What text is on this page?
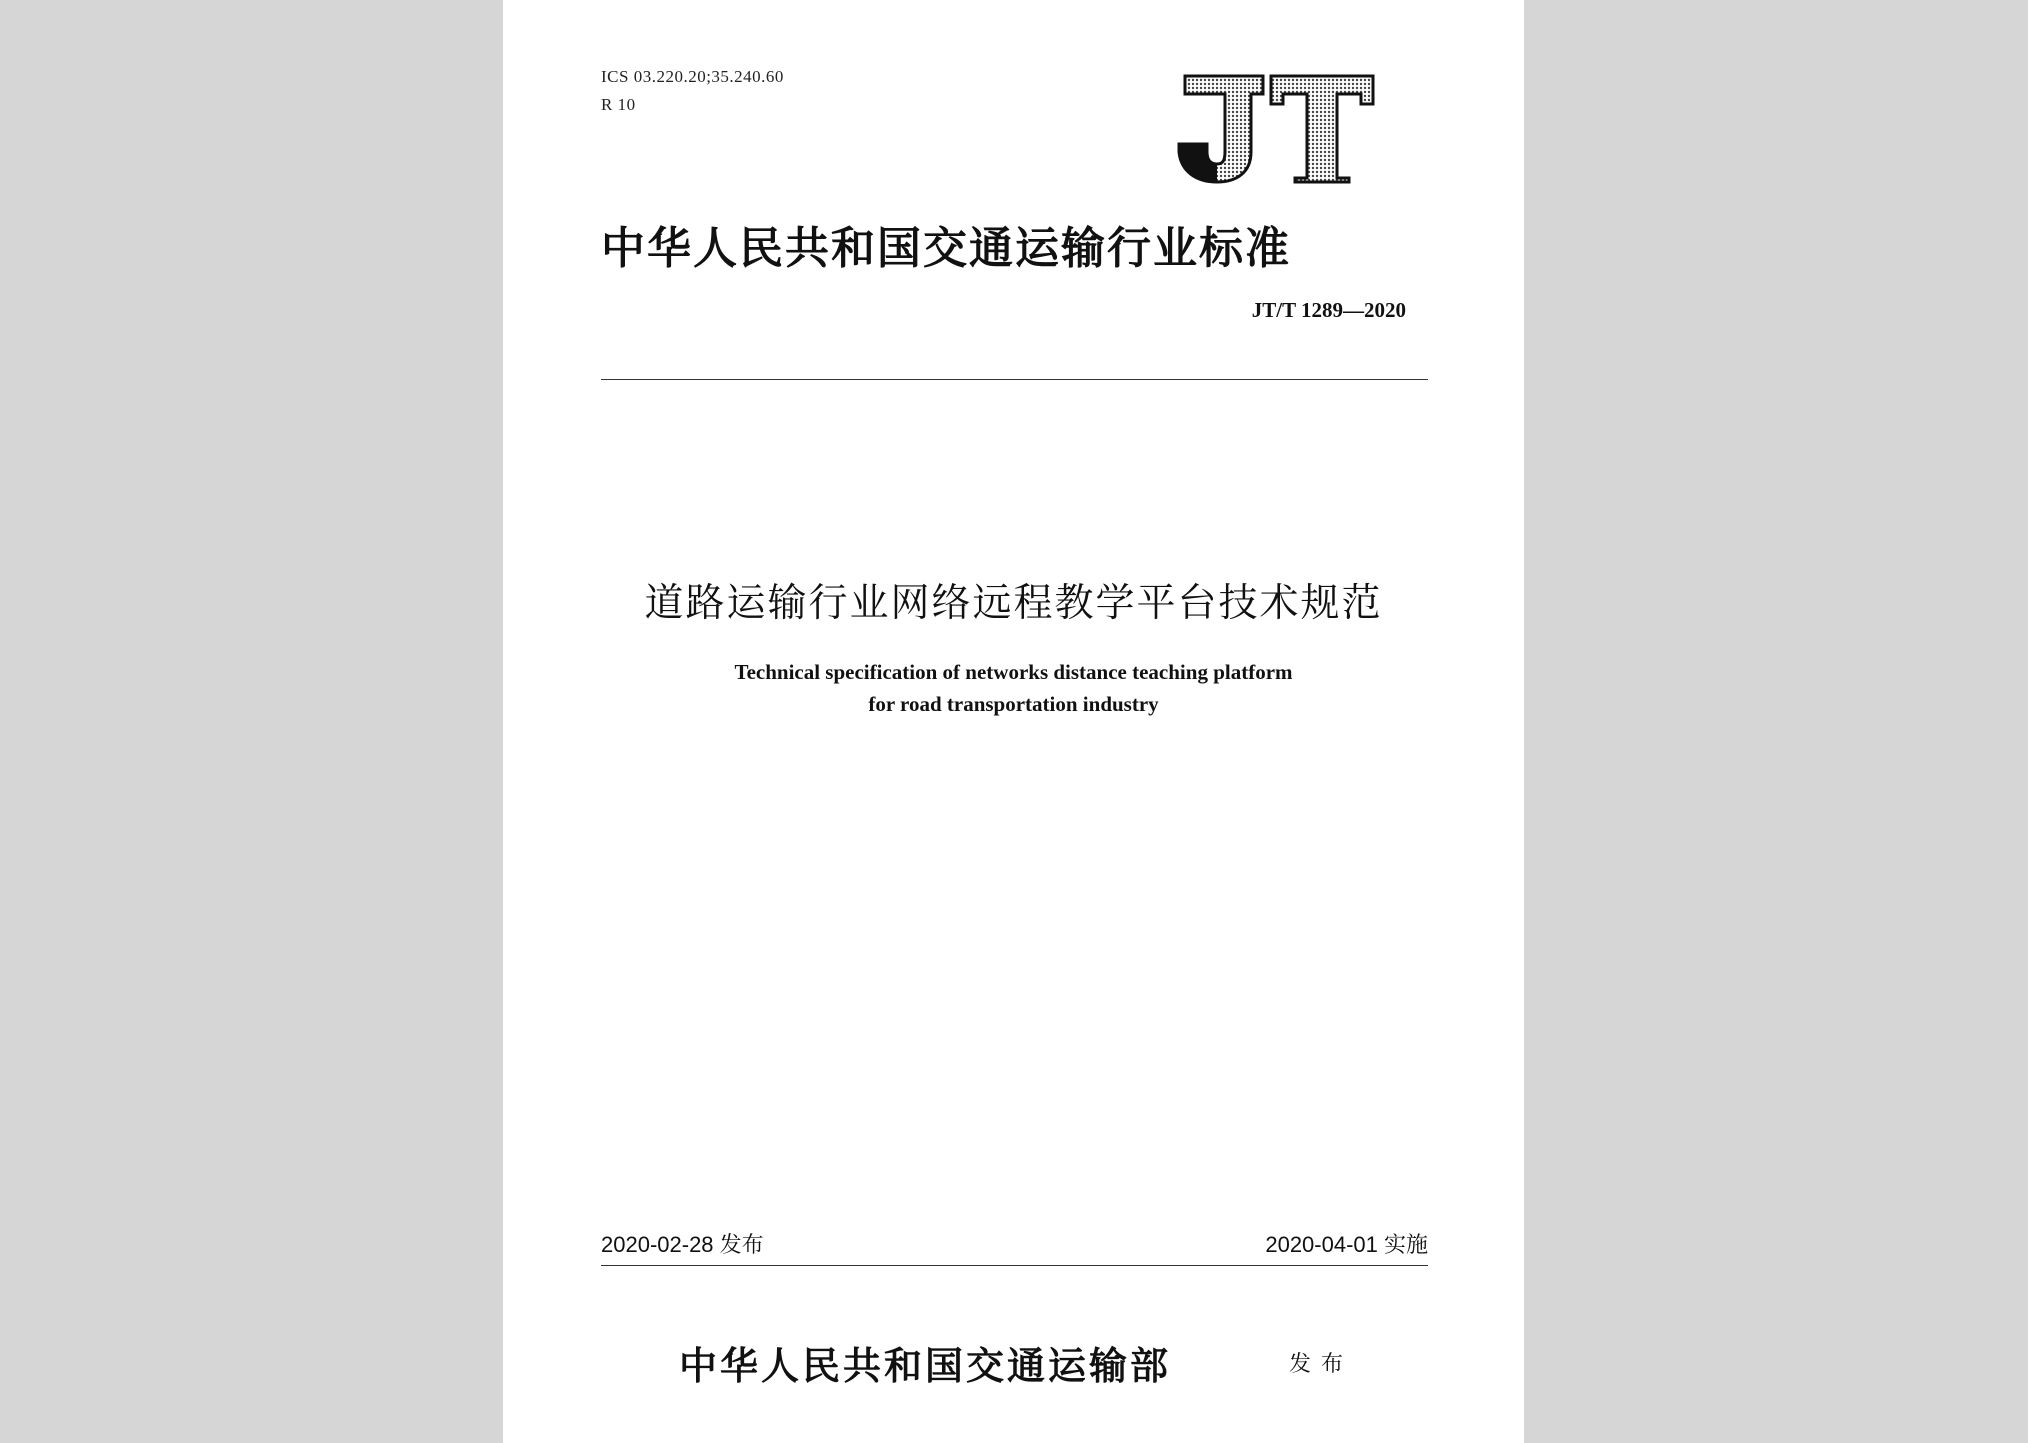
ICS 03.220.20;35.240.60
R 10
JT
中华人民共和国交通运输行业标准
JT/T 1289—2020
道路运输行业网络远程教学平台技术规范
Technical specification of networks distance teaching platform
for road transportation industry
2020-02-28 发布	2020-04-01 实施
中华人民共和国交通运输部	发布
